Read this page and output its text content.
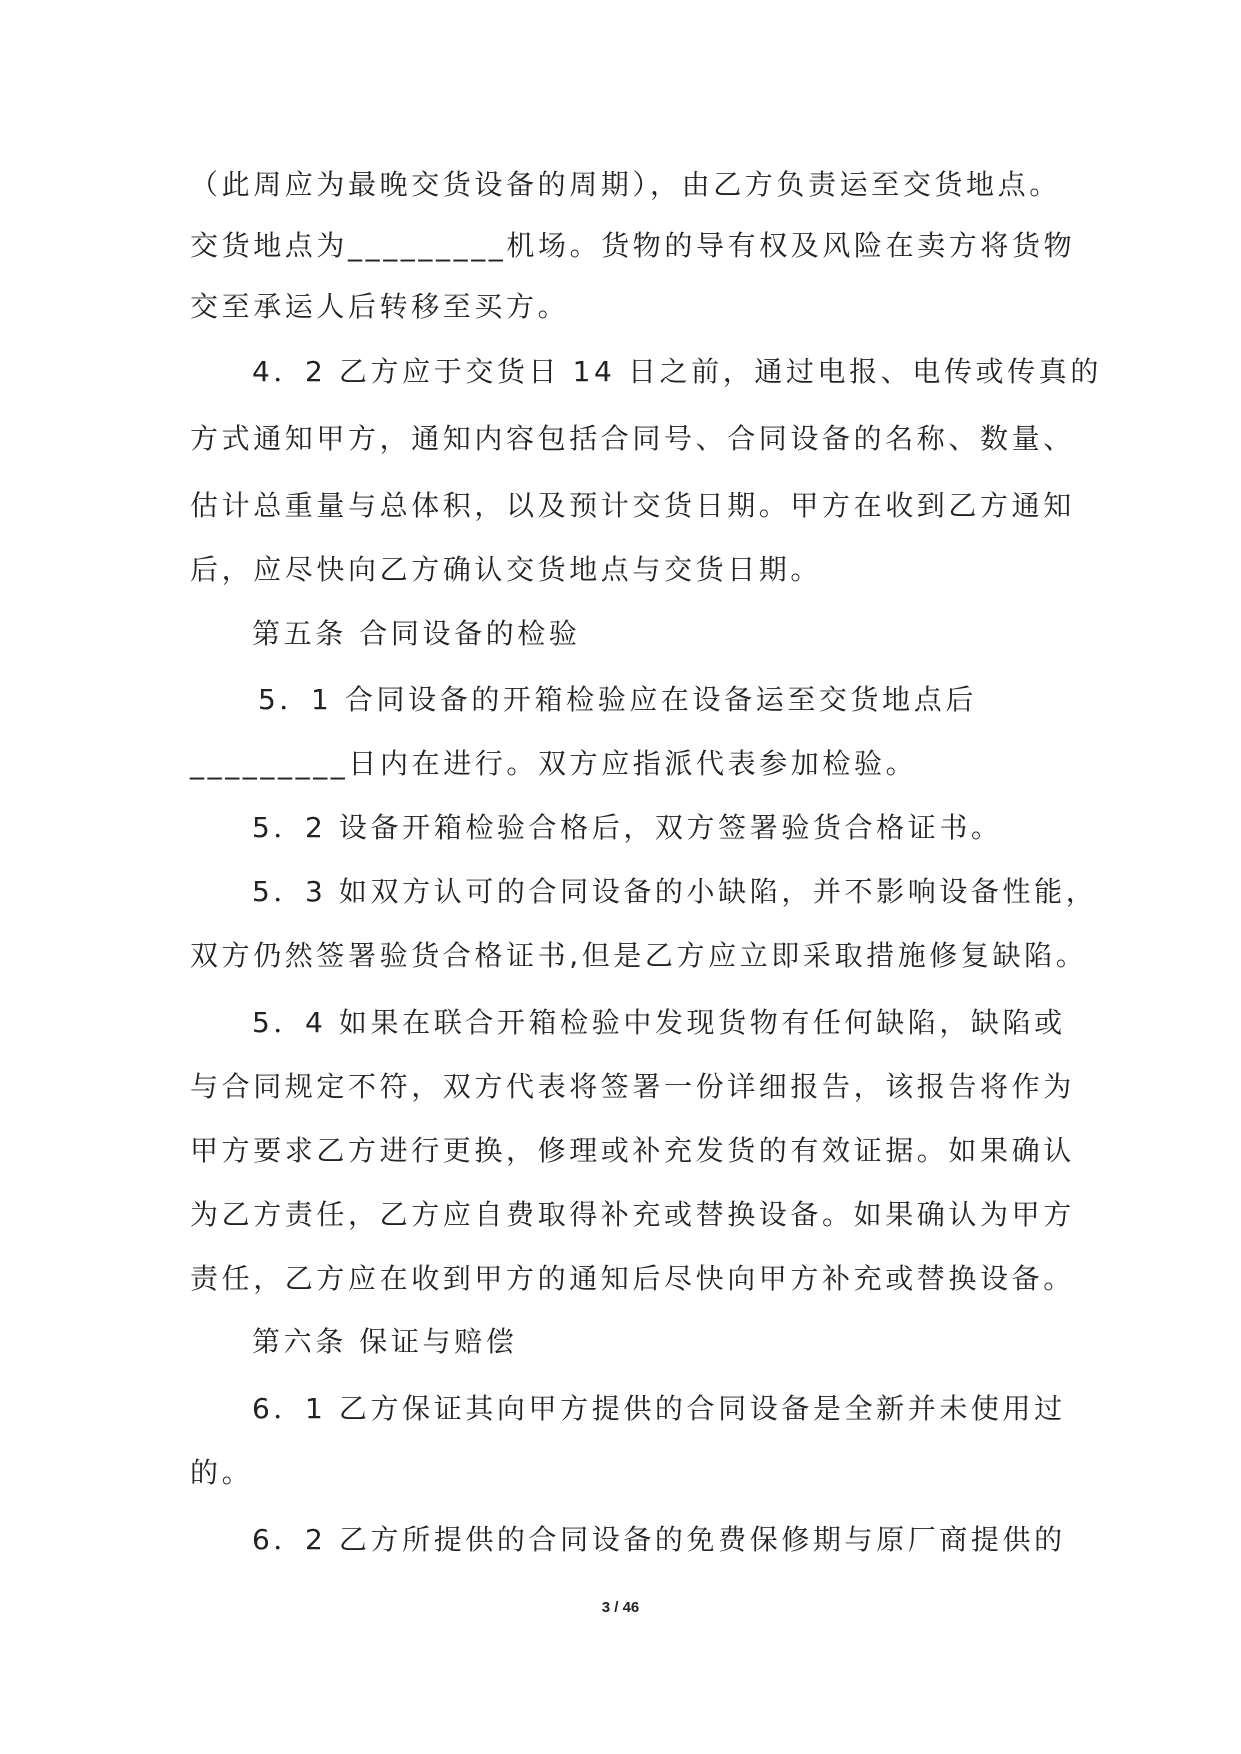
（此周应为最晚交货设备的周期），由乙方负责运至交货地点。
交货地点为_________机场。货物的导有权及风险在卖方将货物
交至承运人后转移至买方。
4．2 乙方应于交货日 14 日之前，通过电报、电传或传真的
方式通知甲方，通知内容包括合同号、合同设备的名称、数量、
估计总重量与总体积，以及预计交货日期。甲方在收到乙方通知
后，应尽快向乙方确认交货地点与交货日期。
第五条 合同设备的检验
5．1 合同设备的开箱检验应在设备运至交货地点后
_________日内在进行。双方应指派代表参加检验。
5．2 设备开箱检验合格后，双方签署验货合格证书。
5．3 如双方认可的合同设备的小缺陷，并不影响设备性能，
双方仍然签署验货合格证书,但是乙方应立即采取措施修复缺陷。
5．4 如果在联合开箱检验中发现货物有任何缺陷，缺陷或
与合同规定不符，双方代表将签署一份详细报告，该报告将作为
甲方要求乙方进行更换，修理或补充发货的有效证据。如果确认
为乙方责任，乙方应自费取得补充或替换设备。如果确认为甲方
责任，乙方应在收到甲方的通知后尽快向甲方补充或替换设备。
第六条 保证与赔偿
6．1 乙方保证其向甲方提供的合同设备是全新并未使用过
的。
6．2 乙方所提供的合同设备的免费保修期与原厂商提供的
3 / 46
